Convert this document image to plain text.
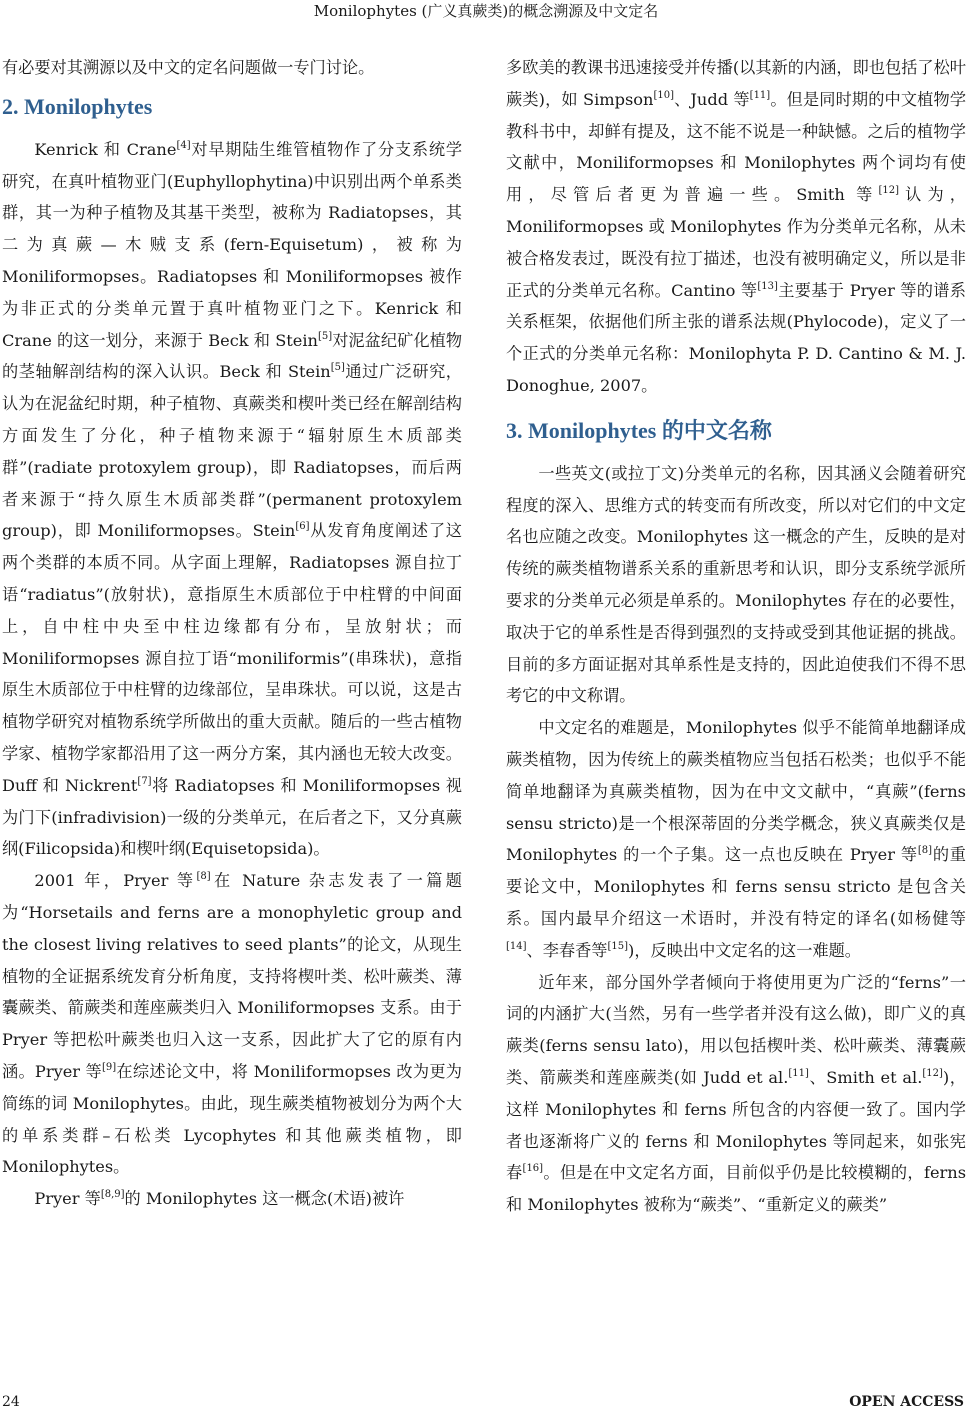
Monilophytes (广义真蕨类)的概念溯源及中文定名

有必要对其溯源以及中文的定名问题做一专门讨论。

2. Monilophytes

Kenrick 和 Crane[4]对早期陆生维管植物作了分支系统学研究，在真叶植物亚门(Euphyllophytina)中识别出两个单系类群，其一为种子植物及其基干类型，被称为 Radiatopses，其二为真蕨—木贼支系(fern-Equisetum)，被称为 Moniliformopses。Radiatopses 和 Moniliformopses 被作为非正式的分类单元置于真叶植物亚门之下。Kenrick 和 Crane 的这一划分，来源于 Beck 和 Stein[5]对泥盆纪矿化植物的茎轴解剖结构的深入认识。Beck 和 Stein[5]通过广泛研究，认为在泥盆纪时期，种子植物、真蕨类和楔叶类已经在解剖结构方面发生了分化，种子植物来源于“辐射原生木质部类群”(radiate protoxylem group)，即 Radiatopses，而后两者来源于“持久原生木质部类群”(permanent protoxylem group)，即 Moniliformopses。Stein[6]从发育角度阐述了这两个类群的本质不同。从字面上理解，Radiatopses 源自拉丁语“radiatus”(放射状)，意指原生木质部位于中柱臂的中间面上，自中柱中央至中柱边缘都有分布，呈放射状；而 Moniliformopses 源自拉丁语“moniliformis”(串珠状)，意指原生木质部位于中柱臂的边缘部位，呈串珠状。可以说，这是古植物学研究对植物系统学所做出的重大贡献。随后的一些古植物学家、植物学家都沿用了这一两分方案，其内涵也无较大改变。Duff 和 Nickrent[7]将 Radiatopses 和 Moniliformopses 视为门下(infradivision)一级的分类单元，在后者之下，又分真蕨纲(Filicopsida)和楔叶纲(Equisetopsida)。

2001 年，Pryer 等[8]在 Nature 杂志发表了一篇题为“Horsetails and ferns are a monophyletic group and the closest living relatives to seed plants”的论文，从现生植物的全证据系统发育分析角度，支持将楔叶类、松叶蕨类、薄囊蕨类、箭蕨类和莲座蕨类归入 Moniliformopses 支系。由于 Pryer 等把松叶蕨类也归入这一支系，因此扩大了它的原有内涵。Pryer 等[9]在综述论文中，将 Moniliformopses 改为更为简练的词 Monilophytes。由此，现生蕨类植物被划分为两个大的单系类群–石松类 Lycophytes 和其他蕨类植物，即 Monilophytes。

Pryer 等[8,9]的 Monilophytes 这一概念(术语)被许

多欧美的教课书迅速接受并传播(以其新的内涵，即也包括了松叶蕨类)，如 Simpson[10]、Judd 等[11]。但是同时期的中文植物学教科书中，却鲜有提及，这不能不说是一种缺憾。之后的植物学文献中，Moniliformopses 和 Monilophytes 两个词均有使用，尽管后者更为普遍一些。Smith 等[12]认为，Moniliformopses 或 Monilophytes 作为分类单元名称，从未被合格发表过，既没有拉丁描述，也没有被明确定义，所以是非正式的分类单元名称。Cantino 等[13]主要基于 Pryer 等的谱系关系框架，依据他们所主张的谱系法规(Phylocode)，定义了一个正式的分类单元名称：Monilophyta P. D. Cantino & M. J. Donoghue, 2007。

3. Monilophytes 的中文名称

一些英文(或拉丁文)分类单元的名称，因其涵义会随着研究程度的深入、思维方式的转变而有所改变，所以对它们的中文定名也应随之改变。Monilophytes 这一概念的产生，反映的是对传统的蕨类植物谱系关系的重新思考和认识，即分支系统学派所要求的分类单元必须是单系的。Monilophytes 存在的必要性，取决于它的单系性是否得到强烈的支持或受到其他证据的挑战。目前的多方面证据对其单系性是支持的，因此迫使我们不得不思考它的中文称谓。

中文定名的难题是，Monilophytes 似乎不能简单地翻译成蕨类植物，因为传统上的蕨类植物应当包括石松类；也似乎不能简单地翻译为真蕨类植物，因为在中文文献中，“真蕨”(ferns sensu stricto)是一个根深蒂固的分类学概念，狭义真蕨类仅是 Monilophytes 的一个子集。这一点也反映在 Pryer 等[8]的重要论文中，Monilophytes 和 ferns sensu stricto 是包含关系。国内最早介绍这一术语时，并没有特定的译名(如杨健等[14]、李春香等[15])，反映出中文定名的这一难题。

近年来，部分国外学者倾向于将使用更为广泛的“ferns”一词的内涵扩大(当然，另有一些学者并没有这么做)，即广义的真蕨类(ferns sensu lato)，用以包括楔叶类、松叶蕨类、薄囊蕨类、箭蕨类和莲座蕨类(如 Judd et al.[11]、Smith et al.[12])，这样 Monilophytes 和 ferns 所包含的内容便一致了。国内学者也逐渐将广义的 ferns 和 Monilophytes 等同起来，如张宪春[16]。但是在中文定名方面，目前似乎仍是比较模糊的，ferns 和 Monilophytes 被称为“蕨类”、“重新定义的蕨类”

24	OPEN ACCESS
